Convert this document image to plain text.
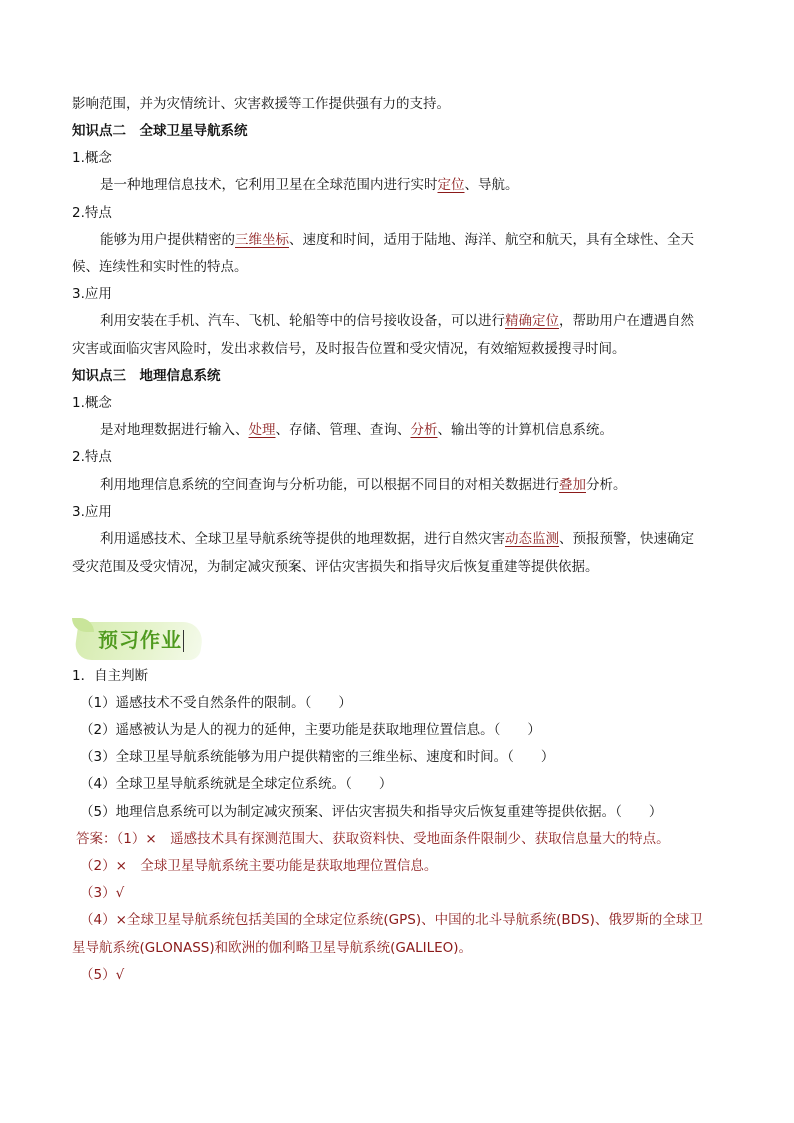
影响范围，并为灾情统计、灾害救援等工作提供强有力的支持。
知识点二　全球卫星导航系统
1.概念
是一种地理信息技术，它利用卫星在全球范围内进行实时定位、导航。
2.特点
能够为用户提供精密的三维坐标、速度和时间，适用于陆地、海洋、航空和航天，具有全球性、全天
候、连续性和实时性的特点。
3.应用
利用安装在手机、汽车、飞机、轮船等中的信号接收设备，可以进行精确定位，帮助用户在遭遇自然
灾害或面临灾害风险时，发出求救信号，及时报告位置和受灾情况，有效缩短救援搜寻时间。
知识点三　地理信息系统
1.概念
是对地理数据进行输入、处理、存储、管理、查询、分析、输出等的计算机信息系统。
2.特点
利用地理信息系统的空间查询与分析功能，可以根据不同目的对相关数据进行叠加分析。
3.应用
利用遥感技术、全球卫星导航系统等提供的地理数据，进行自然灾害动态监测、预报预警，快速确定
受灾范围及受灾情况，为制定减灾预案、评估灾害损失和指导灾后恢复重建等提供依据。
预习作业
1．自主判断
（1）遥感技术不受自然条件的限制。（　　）
（2）遥感被认为是人的视力的延伸，主要功能是获取地理位置信息。（　　）
（3）全球卫星导航系统能够为用户提供精密的三维坐标、速度和时间。（　　）
（4）全球卫星导航系统就是全球定位系统。（　　）
（5）地理信息系统可以为制定减灾预案、评估灾害损失和指导灾后恢复重建等提供依据。（　　）
答案：（1）×　遥感技术具有探测范围大、获取资料快、受地面条件限制少、获取信息量大的特点。
（2）×　全球卫星导航系统主要功能是获取地理位置信息。
（3）√
（4）×全球卫星导航系统包括美国的全球定位系统(GPS)、中国的北斗导航系统(BDS)、俄罗斯的全球卫
星导航系统(GLONASS)和欧洲的伽利略卫星导航系统(GALILEO)。
（5）√
